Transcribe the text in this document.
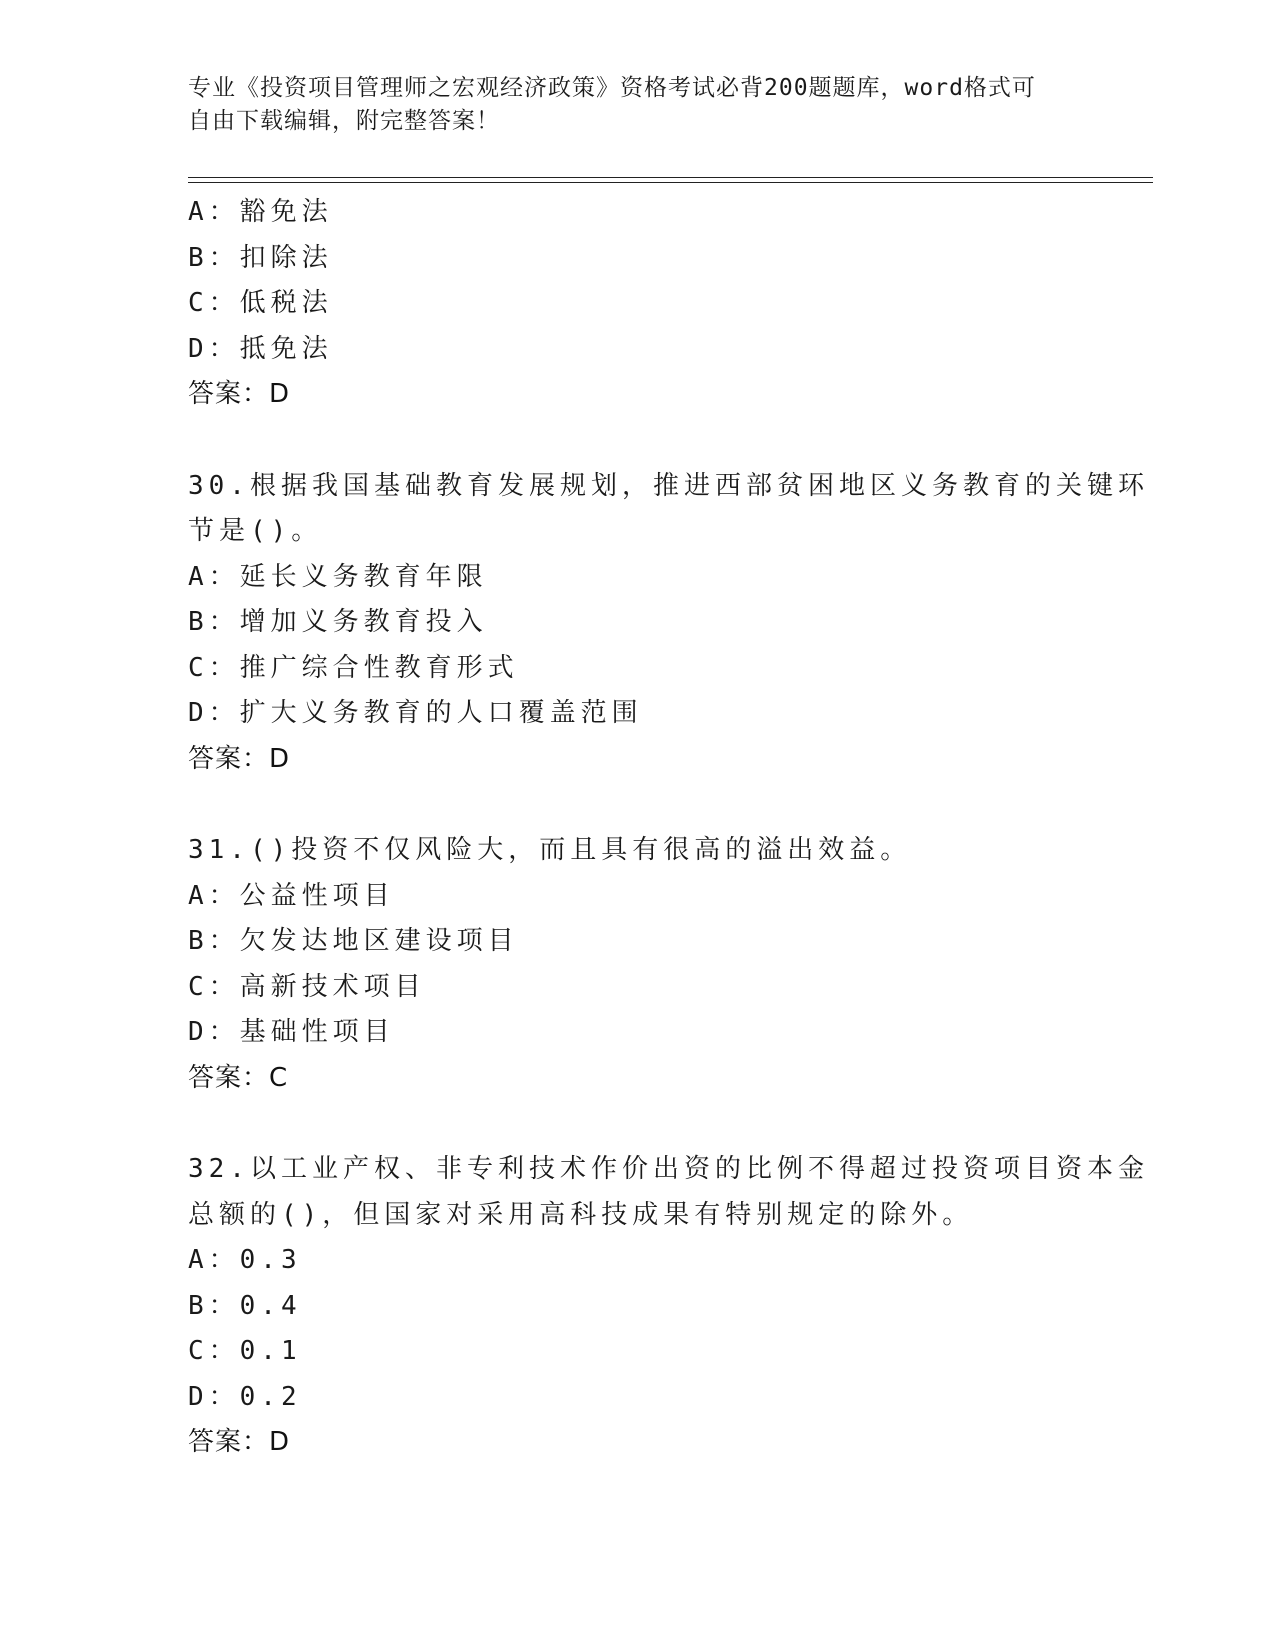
专业《投资项目管理师之宏观经济政策》资格考试必背200题题库，word格式可
自由下载编辑，附完整答案！
A：豁免法
B：扣除法
C：低税法
D：抵免法
答案：D
30.根据我国基础教育发展规划，推进西部贫困地区义务教育的关键环
节是()。
A：延长义务教育年限
B：增加义务教育投入
C：推广综合性教育形式
D：扩大义务教育的人口覆盖范围
答案：D
31.()投资不仅风险大，而且具有很高的溢出效益。
A：公益性项目
B：欠发达地区建设项目
C：高新技术项目
D：基础性项目
答案：C
32.以工业产权、非专利技术作价出资的比例不得超过投资项目资本金
总额的()，但国家对采用高科技成果有特别规定的除外。
A：0.3
B：0.4
C：0.1
D：0.2
答案：D
